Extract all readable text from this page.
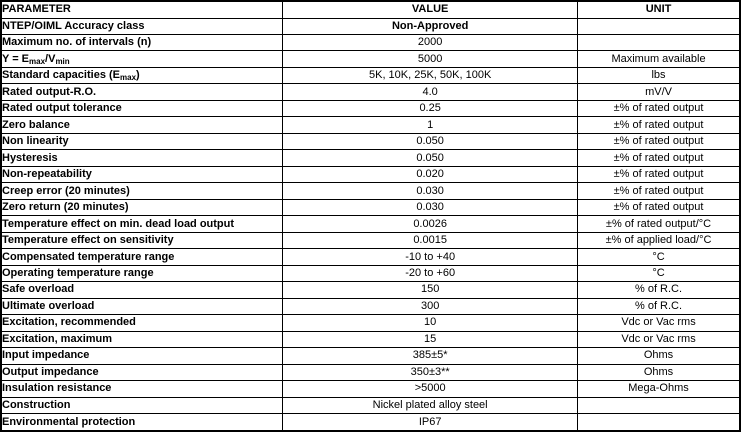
PARAMETER	VALUE	UNIT
NTEP/OIML Accuracy class	Non-Approved	
Maximum no. of intervals (n)	2000	
$Y = E_{max}/V_{min}$	5000	Maximum available
Standard capacities $(E_{max})$	5K, 10K, 25K, 50K, 100K	lbs
Rated output-R.O.	4.0	mV/V
Rated output tolerance	0.25	±% of rated output
Zero balance	1	±% of rated output
Non linearity	0.050	±% of rated output
Hysteresis	0.050	±% of rated output
Non-repeatability	0.020	±% of rated output
Creep error (20 minutes)	0.030	±% of rated output
Zero return (20 minutes)	0.030	±% of rated output
Temperature effect on min. dead load output	0.0026	±% of rated output/°C
Temperature effect on sensitivity	0.0015	±% of applied load/°C
Compensated temperature range	-10 to +40	°C
Operating temperature range	-20 to +60	°C
Safe overload	150	% of R.C.
Ultimate overload	300	% of R.C.
Excitation, recommended	10	Vdc or Vac rms
Excitation, maximum	15	Vdc or Vac rms
Input impedance	385±5*	Ohms
Output impedance	350±3**	Ohms
Insulation resistance	>5000	Mega-Ohms
Construction	Nickel plated alloy steel	
Environmental protection	IP67	
